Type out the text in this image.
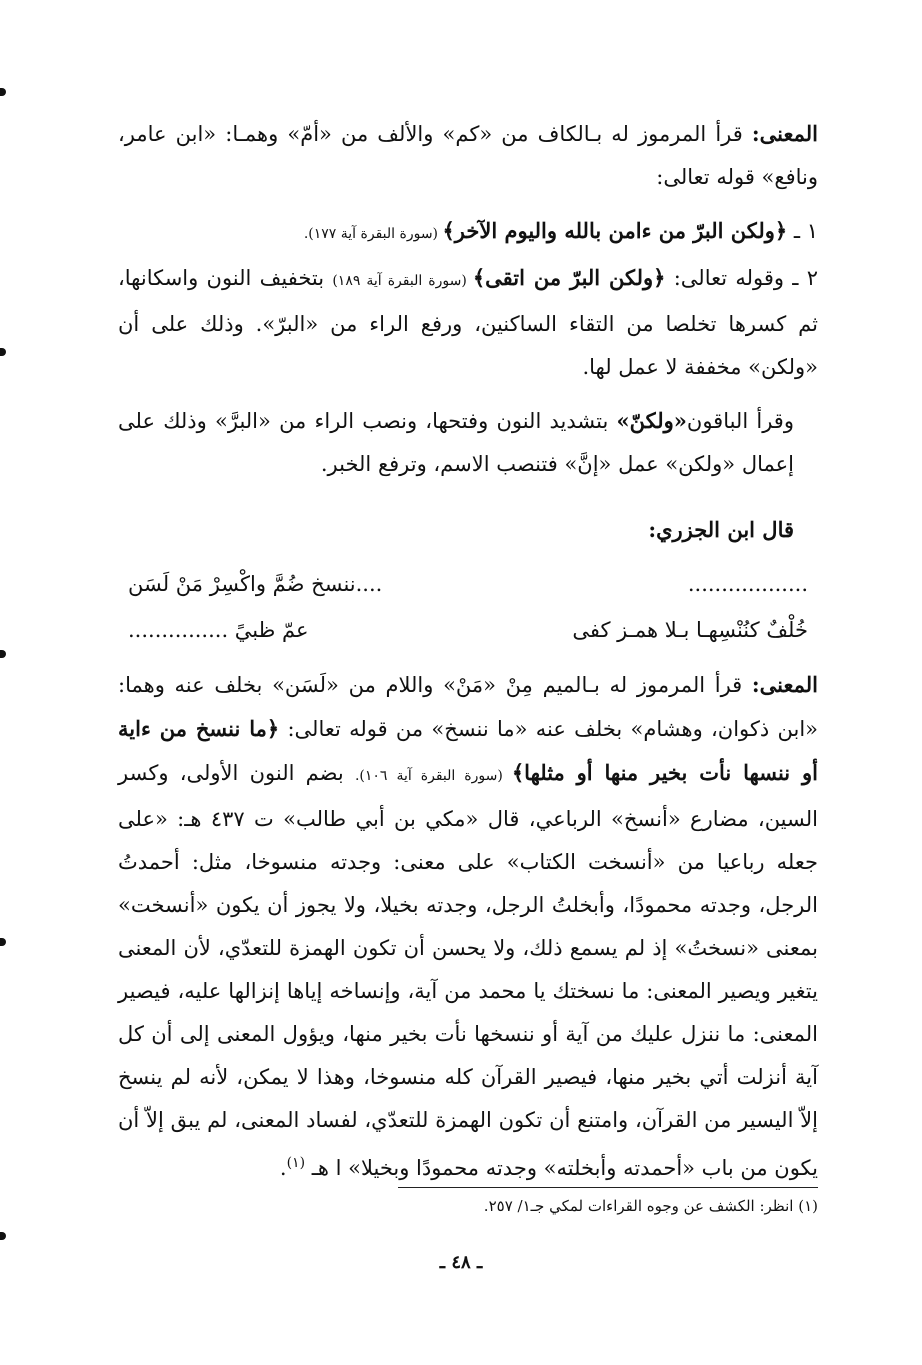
المعنى: قرأ المرموز له بـالكاف من «كم» والألف من «أمّ» وهمـا: «ابن عامر، ونافع» قوله تعالى:

١ ـ ﴿ولكن البرّ من ءامن بالله واليوم الآخر﴾ (سورة البقرة آية ١٧٧).

٢ ـ وقوله تعالى: ﴿ولكن البرّ من اتقى﴾ (سورة البقرة آية ١٨٩) بتخفيف النون واسكانها، ثم كسرها تخلصا من التقاء الساكنين، ورفع الراء من «البرّ». وذلك على أن «ولكن» مخففة لا عمل لها.

وقرأ الباقون«ولكنّ» بتشديد النون وفتحها، ونصب الراء من «البرَّ» وذلك على إعمال «ولكن» عمل «إنَّ» فتنصب الاسم، وترفع الخبر.

قال ابن الجزري:

..................
....ننسخ ضُمَّ واكْسِرْ مَنْ لَسَن
خُلْفٌ كنُنْسِهـا بـلا همـز كفى
عمّ ظبيً ...............

المعنى: قرأ المرموز له بـالميم مِنْ «مَنْ» واللام من «لَسَن» بخلف عنه وهما: «ابن ذكوان، وهشام» بخلف عنه «ما ننسخ» من قوله تعالى: ﴿ما ننسخ من ءاية أو ننسها نأت بخير منها أو مثلها﴾ (سورة البقرة آية ١٠٦). بضم النون الأولى، وكسر السين، مضارع «أنسخ» الرباعي، قال «مكي بن أبي طالب» ت ٤٣٧ هـ: «على جعله رباعيا من «أنسخت الكتاب» على معنى: وجدته منسوخا، مثل: أحمدتُ الرجل، وجدته محمودًا، وأبخلتُ الرجل، وجدته بخيلا، ولا يجوز أن يكون «أنسخت» بمعنى «نسختُ» إذ لم يسمع ذلك، ولا يحسن أن تكون الهمزة للتعدّي، لأن المعنى يتغير ويصير المعنى: ما نسختك يا محمد من آية، وإنساخه إياها إنزالها عليه، فيصير المعنى: ما ننزل عليك من آية أو ننسخها نأت بخير منها، ويؤول المعنى إلى أن كل آية أنزلت أتي بخير منها، فيصير القرآن كله منسوخا، وهذا لا يمكن، لأنه لم ينسخ إلاّ اليسير من القرآن، وامتنع أن تكون الهمزة للتعدّي، لفساد المعنى، لم يبق إلاّ أن يكون من باب «أحمدته وأبخلته» وجدته محمودًا وبخيلا» ا هـ $^{(١)}$.

(١) انظر: الكشف عن وجوه القراءات لمكي جـ١/ ٢٥٧.
ـ ٤٨ ـ
